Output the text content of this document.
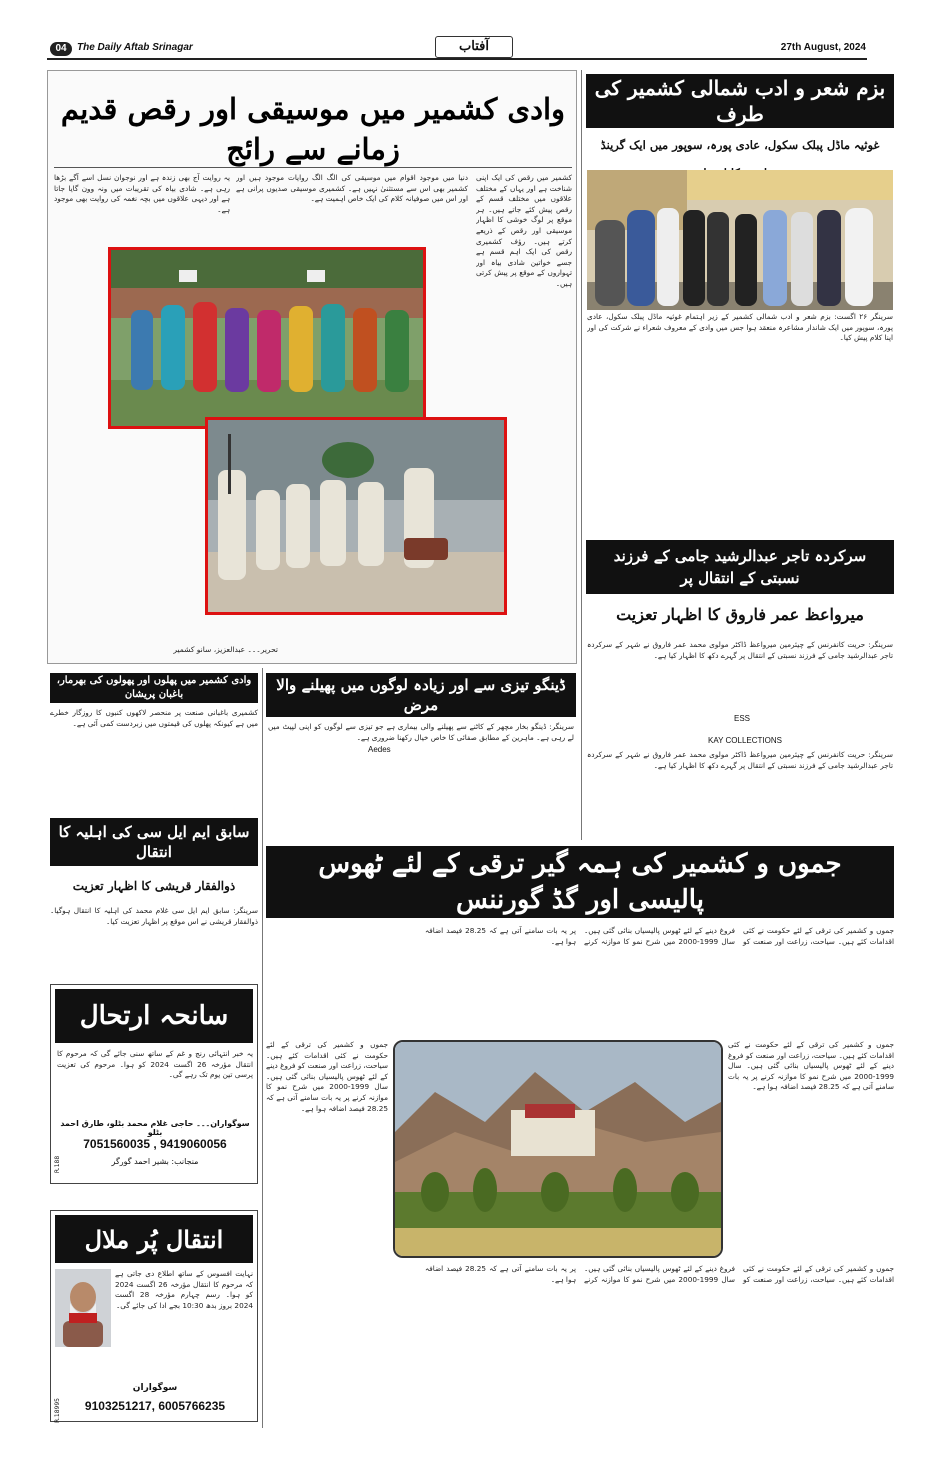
04	The Daily Aftab Srinagar	آفتاب	27th August, 2024
وادی کشمیر میں موسیقی اور رقص قدیم زمانے سے رائج
کشمیر میں رقص کی ایک اپنی شناخت ہے اور یہاں کے مختلف علاقوں میں مختلف قسم کے رقص پیش کئے جاتے ہیں۔ ہر موقع پر لوگ خوشی کا اظہار موسیقی اور رقص کے ذریعے کرتے ہیں۔ رؤف کشمیری رقص کی ایک اہم قسم ہے جسے خواتین شادی بیاہ اور تہواروں کے موقع پر پیش کرتی ہیں۔
دنیا میں موجود اقوام میں موسیقی کی الگ الگ روایات موجود ہیں اور کشمیر بھی اس سے مستثنیٰ نہیں ہے۔ کشمیری موسیقی صدیوں پرانی ہے اور اس میں صوفیانہ کلام کی ایک خاص اہمیت ہے۔
یہ روایت آج بھی زندہ ہے اور نوجوان نسل اسے آگے بڑھا رہی ہے۔ شادی بیاہ کی تقریبات میں ونہ وون گایا جاتا ہے اور دیہی علاقوں میں بچہ نغمہ کی روایت بھی موجود ہے۔
تحریر۔۔۔ عبدالعزیز، سانو کشمیر
بزم شعر و ادب شمالی کشمیر کی طرف
غوثیہ ماڈل پبلک سکول، عادی پورہ، سوپور میں ایک گرینڈ
سرینگر ۲۶ اگست: بزم شعر و ادب شمالی کشمیر کے زیر اہتمام غوثیہ ماڈل پبلک سکول، عادی پورہ، سوپور میں ایک شاندار مشاعرہ منعقد ہوا جس میں وادی کے معروف شعراء نے شرکت کی اور اپنا کلام پیش کیا۔
سرکردہ تاجر عبدالرشید جامی کے فرزند نسبتی کے انتقال پر
میرواعظ عمر فاروق کا اظہار تعزیت
سرینگر: حریت کانفرنس کے چیئرمین میرواعظ ڈاکٹر مولوی محمد عمر فاروق نے شہر کے سرکردہ تاجر عبدالرشید جامی کے فرزند نسبتی کے انتقال پر گہرے دکھ کا اظہار کیا ہے۔
ESS
KAY COLLECTIONS
سرینگر: حریت کانفرنس کے چیئرمین میرواعظ ڈاکٹر مولوی محمد عمر فاروق نے شہر کے سرکردہ تاجر عبدالرشید جامی کے فرزند نسبتی کے انتقال پر گہرے دکھ کا اظہار کیا ہے۔
وادی کشمیر میں پھلوں اور پھولوں کی بھرمار، باغبان پریشان
کشمیری باغبانی صنعت پر منحصر لاکھوں کنبوں کا روزگار خطرے میں ہے کیونکہ پھلوں کی قیمتوں میں زبردست کمی آئی ہے۔
ڈینگو تیزی سے اور زیادہ لوگوں میں پھیلنے والا مرض
سرینگر: ڈینگو بخار مچھر کے کاٹنے سے پھیلنے والی بیماری ہے جو تیزی سے لوگوں کو اپنی لپیٹ میں لے رہی ہے۔ ماہرین کے مطابق صفائی کا خاص خیال رکھنا ضروری ہے۔
Aedes
سابق ایم ایل سی کی اہلیہ کا انتقال
ذوالفقار قریشی کا اظہار تعزیت
سرینگر: سابق ایم ایل سی غلام محمد کی اہلیہ کا انتقال ہوگیا۔ ذوالفقار قریشی نے اس موقع پر اظہار تعزیت کیا۔
سانحہ ارتحال
یہ خبر انتہائی رنج و غم کے ساتھ سنی جائے گی کہ مرحوم کا انتقال مؤرخہ 26 اگست 2024 کو ہوا۔ مرحوم کی تعزیت پرسی تین یوم تک رہے گی۔
سوگواران۔۔۔ حاجی غلام محمد بٹلو، طارق احمد بٹلو
7051560035 , 9419060056
منجانب: بشیر احمد گورگر
R.188
انتقال پُر ملال
نہایت افسوس کے ساتھ اطلاع دی جاتی ہے کہ مرحوم کا انتقال مؤرخہ 26 اگست 2024 کو ہوا۔ رسم چہارم مؤرخہ 28 اگست 2024 بروز بدھ 10:30 بجے ادا کی جائے گی۔
سوگواران
9103251217, 6005766235
R.18995
جموں و کشمیر کی ہمہ گیر ترقی کے لئے ٹھوس پالیسی اور گڈ گورننس
جموں و کشمیر کی ترقی کے لئے حکومت نے کئی اقدامات کئے ہیں۔ سیاحت، زراعت اور صنعت کو فروغ دینے کے لئے ٹھوس پالیسیاں بنائی گئی ہیں۔ سال 1999-2000 میں شرح نمو کا موازنہ کرنے پر یہ بات سامنے آتی ہے کہ 28.25 فیصد اضافہ ہوا ہے۔
جموں و کشمیر کی ترقی کے لئے حکومت نے کئی اقدامات کئے ہیں۔ سیاحت، زراعت اور صنعت کو فروغ دینے کے لئے ٹھوس پالیسیاں بنائی گئی ہیں۔ سال 1999-2000 میں شرح نمو کا موازنہ کرنے پر یہ بات سامنے آتی ہے کہ 28.25 فیصد اضافہ ہوا ہے۔
جموں و کشمیر کی ترقی کے لئے حکومت نے کئی اقدامات کئے ہیں۔ سیاحت، زراعت اور صنعت کو فروغ دینے کے لئے ٹھوس پالیسیاں بنائی گئی ہیں۔ سال 1999-2000 میں شرح نمو کا موازنہ کرنے پر یہ بات سامنے آتی ہے کہ 28.25 فیصد اضافہ ہوا ہے۔
جموں و کشمیر کی ترقی کے لئے حکومت نے کئی اقدامات کئے ہیں۔ سیاحت، زراعت اور صنعت کو فروغ دینے کے لئے ٹھوس پالیسیاں بنائی گئی ہیں۔ سال 1999-2000 میں شرح نمو کا موازنہ کرنے پر یہ بات سامنے آتی ہے کہ 28.25 فیصد اضافہ ہوا ہے۔
